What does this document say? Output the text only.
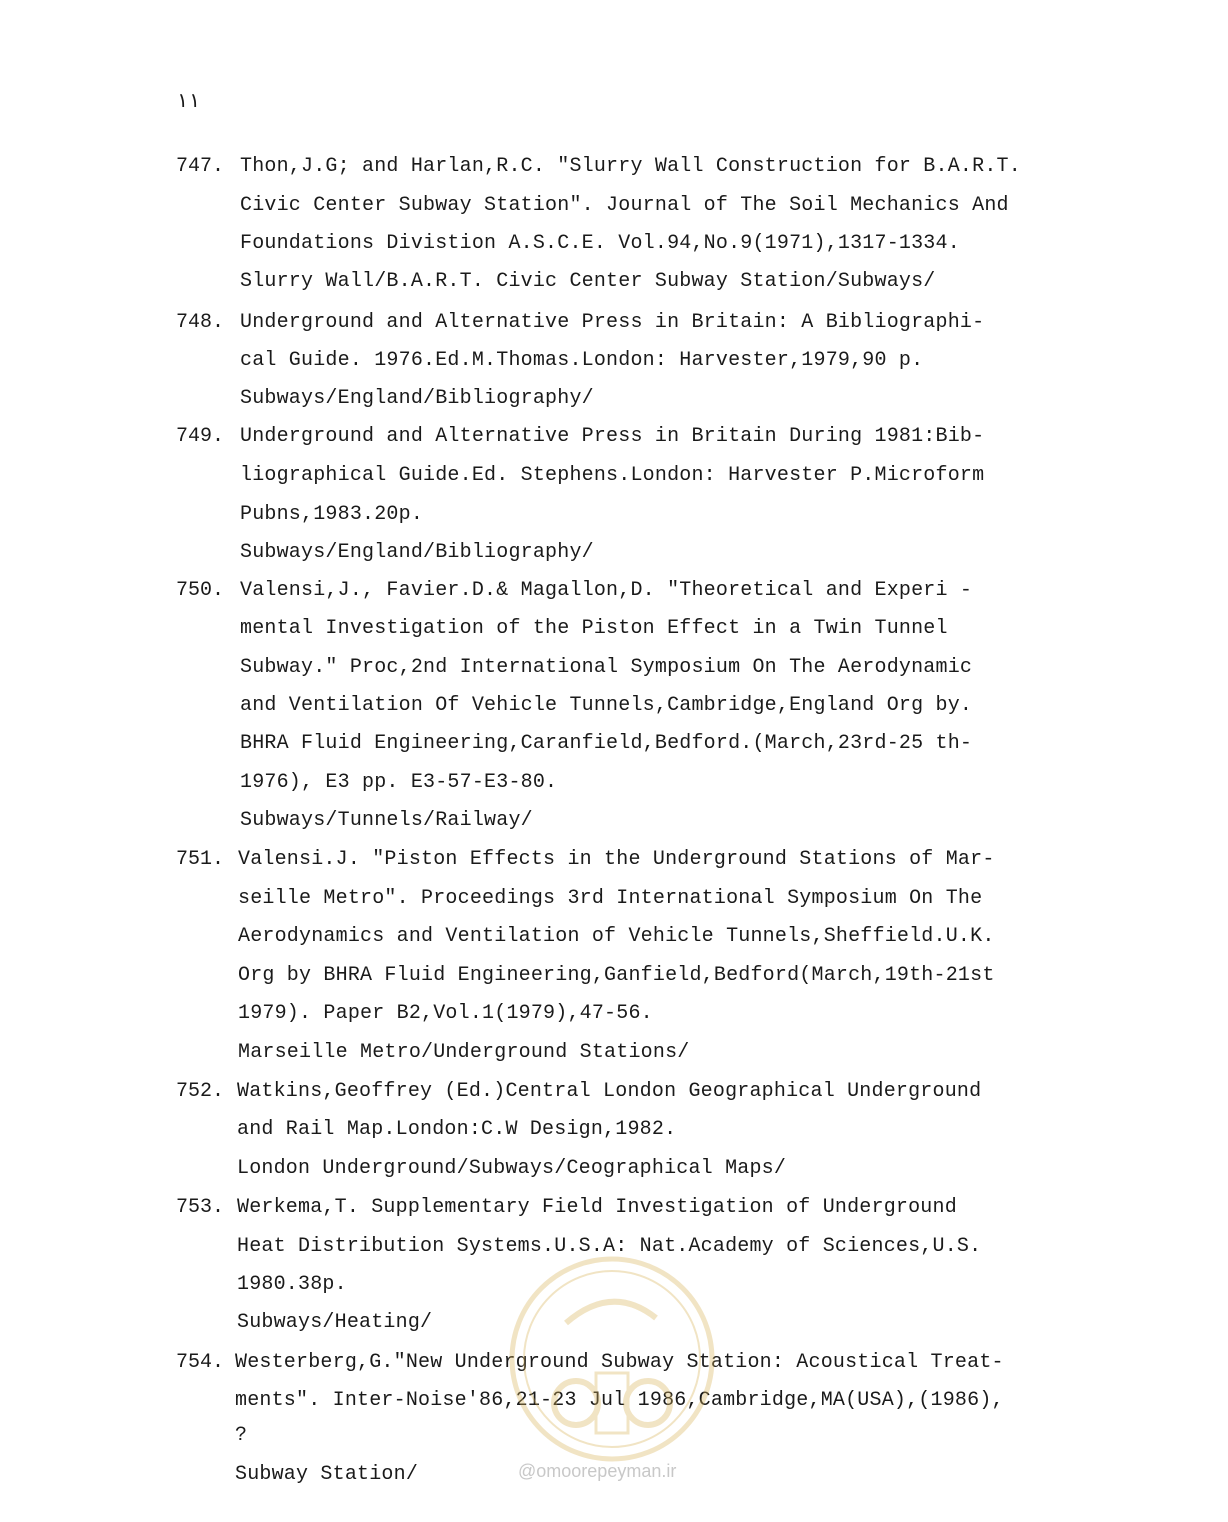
۱۱
747. Thon,J.G; and Harlan,R.C. "Slurry Wall Construction for B.A.R.T.
Civic Center Subway Station". Journal of The Soil Mechanics And
Foundations Divistion A.S.C.E. Vol.94,No.9(1971),1317-1334.
Slurry Wall/B.A.R.T. Civic Center Subway Station/Subways/
748. Underground and Alternative Press in Britain: A Bibliographi-
cal Guide. 1976.Ed.M.Thomas.London: Harvester,1979,90 p.
Subways/England/Bibliography/
749. Underground and Alternative Press in Britain During 1981:Bib-
liographical Guide.Ed. Stephens.London: Harvester P.Microform
Pubns,1983.20p.
Subways/England/Bibliography/
750. Valensi,J., Favier.D.& Magallon,D. "Theoretical and Experi -
mental Investigation of the Piston Effect in a Twin Tunnel
Subway." Proc,2nd International Symposium On The Aerodynamic
and Ventilation Of Vehicle Tunnels,Cambridge,England Org by.
BHRA Fluid Engineering,Caranfield,Bedford.(March,23rd-25 th-
1976), E3 pp. E3-57-E3-80.
Subways/Tunnels/Railway/
751. Valensi.J. "Piston Effects in the Underground Stations of Mar-
seille Metro". Proceedings 3rd International Symposium On The
Aerodynamics and Ventilation of Vehicle Tunnels,Sheffield.U.K.
Org by BHRA Fluid Engineering,Ganfield,Bedford(March,19th-21st
1979). Paper B2,Vol.1(1979),47-56.
Marseille Metro/Underground Stations/
752. Watkins,Geoffrey (Ed.)Central London Geographical Underground
and Rail Map.London:C.W Design,1982.
London Underground/Subways/Ceographical Maps/
753. Werkema,T. Supplementary Field Investigation of Underground
Heat Distribution Systems.U.S.A: Nat.Academy of Sciences,U.S.
1980.38p.
Subways/Heating/
754. Westerberg,G."New Underground Subway Station: Acoustical Treat-
ments". Inter-Noise'86,21-23 Jul 1986,Cambridge,MA(USA),(1986),
?
Subway Station/	@omoorepeyman.ir
